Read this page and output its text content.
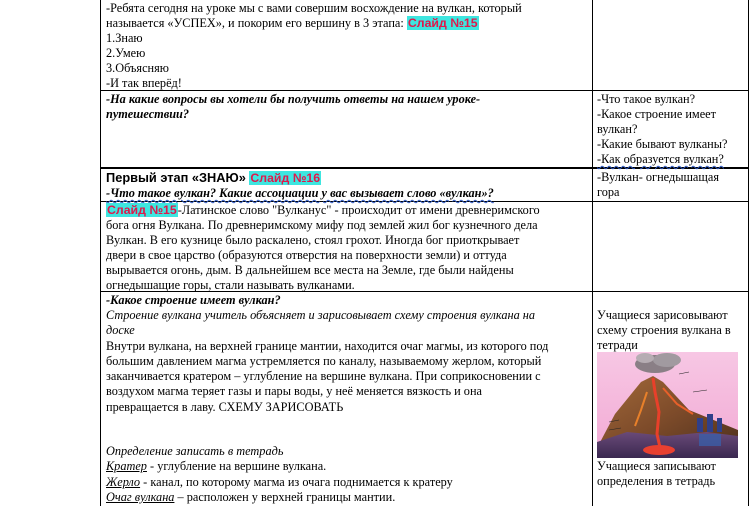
-Ребята сегодня на уроке мы с вами совершим восхождение на вулкан, который
называется «УСПЕХ», и покорим его вершину в 3 этапа: Слайд №15
1.Знаю
2.Умею
3.Объясняю
-И так вперёд!
-На какие вопросы вы хотели бы получить ответы на нашем уроке-
путешествии?
-Что такое вулкан?
-Какое строение имеет
вулкан?
-Какие бывают вулканы?
-Как образуется вулкан?
Первый этап «ЗНАЮ» Слайд №16
-Что такое вулкан? Какие ассоциации у вас вызывает слово «вулкан»?
-Вулкан- огнедышащая
гора
Слайд №15-Латинское слово "Вулканус" - происходит от имени древнеримского
бога огня Вулкана. По древнеримскому мифу под землей жил бог кузнечного дела
Вулкан. В его кузнице было раскалено, стоял грохот. Иногда бог приоткрывает
двери в свое царство (образуются отверстия на поверхности земли) и оттуда
вырывается огонь, дым. В дальнейшем все места на Земле, где были найдены
огнедышащие горы, стали называть вулканами.
-Какое строение имеет вулкан?
Строение вулкана учитель объясняет и зарисовывает схему строения вулкана на
доске
Внутри вулкана, на верхней границе мантии, находится очаг магмы, из которого под
большим давлением магма устремляется по каналу, называемому жерлом, который
заканчивается кратером – углубление на вершине вулкана. При соприкосновении с
воздухом магма теряет газы и пары воды, у неё меняется вязкость и она
превращается в лаву. СХЕМУ ЗАРИСОВАТЬ
Определение записать в тетрадь
Кратер - углубление на вершине вулкана.
Жерло - канал, по которому магма из очага поднимается к кратеру
Очаг вулкана – расположен у верхней границы мантии.
Учащиеся зарисовывают
схему строения вулкана в
тетради
Учащиеся записывают
определения в тетрадь
